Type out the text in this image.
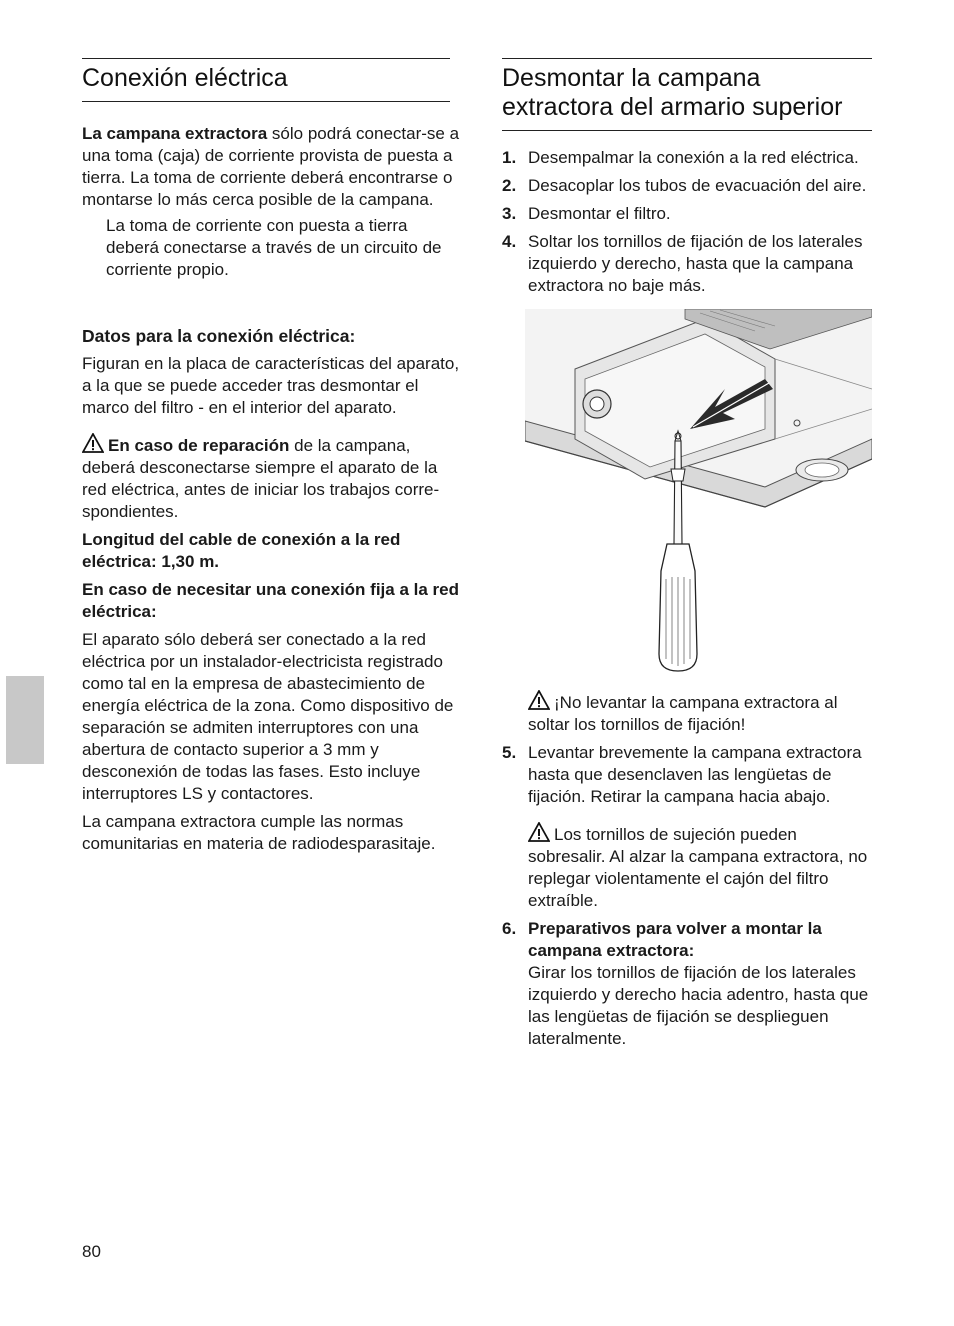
Conexión eléctrica

La campana extractora sólo podrá conectar-se a una toma (caja) de corriente provista de puesta a tierra. La toma de corriente deberá encontrarse o montarse lo más cerca posible de la campana.

La toma de corriente con puesta a tierra deberá conectarse a través de un circuito de corriente propio.

Datos para la conexión eléctrica:

Figuran en la placa de características del aparato, a la que se puede acceder tras desmontar el marco del filtro - en el interior del aparato.

En caso de reparación de la campana, deberá desconectarse siempre el aparato de la red eléctrica, antes de iniciar los trabajos corre-spondientes.

Longitud del cable de conexión a la red eléctrica: 1,30 m.

En caso de necesitar una conexión fija a la red eléctrica:

El aparato sólo deberá ser conectado a la red eléctrica por un instalador-electricista registrado como tal en la empresa de abastecimiento de energía eléctrica de la zona. Como dispositivo de separación se admiten interruptores con una abertura de contacto superior a 3 mm y desconexión de todas las fases. Esto incluye interruptores LS y contactores.

La campana extractora cumple las normas comunitarias en materia de radiodesparasitaje.

Desmontar la campana extractora del armario superior
1. Desempalmar la conexión a la red eléctrica.
2. Desacoplar los tubos de evacuación del aire.
3. Desmontar el filtro.
4. Soltar los tornillos de fijación de los laterales izquierdo y derecho, hasta que la campana extractora no baje más.

¡No levantar la campana extractora al soltar los tornillos de fijación!

5. Levantar brevemente la campana extractora hasta que desenclaven las lengüetas de fijación. Retirar la campana hacia abajo.

Los tornillos de sujeción pueden sobresalir. Al alzar la campana extractora, no replegar violentamente el cajón del filtro extraíble.

6. Preparativos para volver a montar la campana extractora:
Girar los tornillos de fijación de los laterales izquierdo y derecho hacia adentro, hasta que las lengüetas de fijación se desplieguen lateralmente.
80
